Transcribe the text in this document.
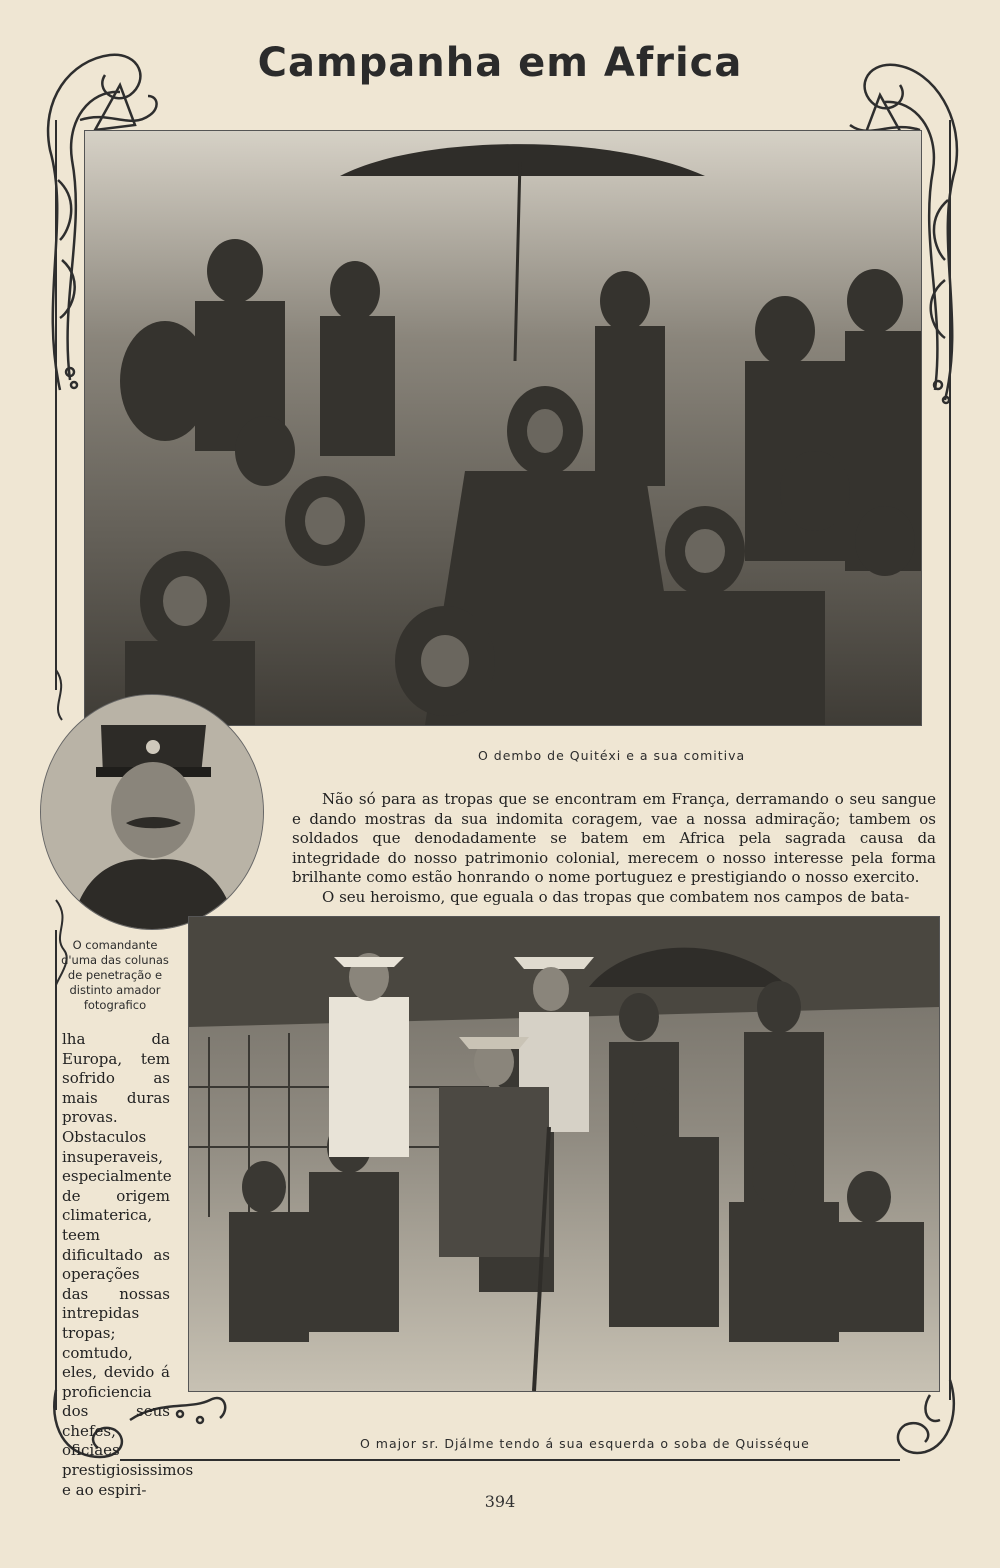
Campanha em Africa
O dembo de Quitéxi e a sua comitiva
O comandante d'uma das colunas de penetração e distinto amador fotografico

Não só para as tropas que se encontram em França, derramando o seu sangue e dando mostras da sua indomita coragem, vae a nossa admiração; tambem os soldados que denodadamente se batem em Africa pela sagrada causa da integridade do nosso patrimonio colonial, merecem o nosso interesse pela forma brilhante como estão honrando o nome portuguez e prestigiando o nosso exercito.

O seu heroismo, que eguala o das tropas que combatem nos campos de bata-

lha da Europa, tem sofrido as mais duras provas. Obstaculos insuperaveis, especialmente de origem climaterica, teem dificultado as operações das nossas intrepidas tropas; comtudo, eles, devido á proficiencia dos seus chefes, oficiaes prestigiosissimos e ao espiri-
O major sr. Djálme tendo á sua esquerda o soba de Quisséque
394
